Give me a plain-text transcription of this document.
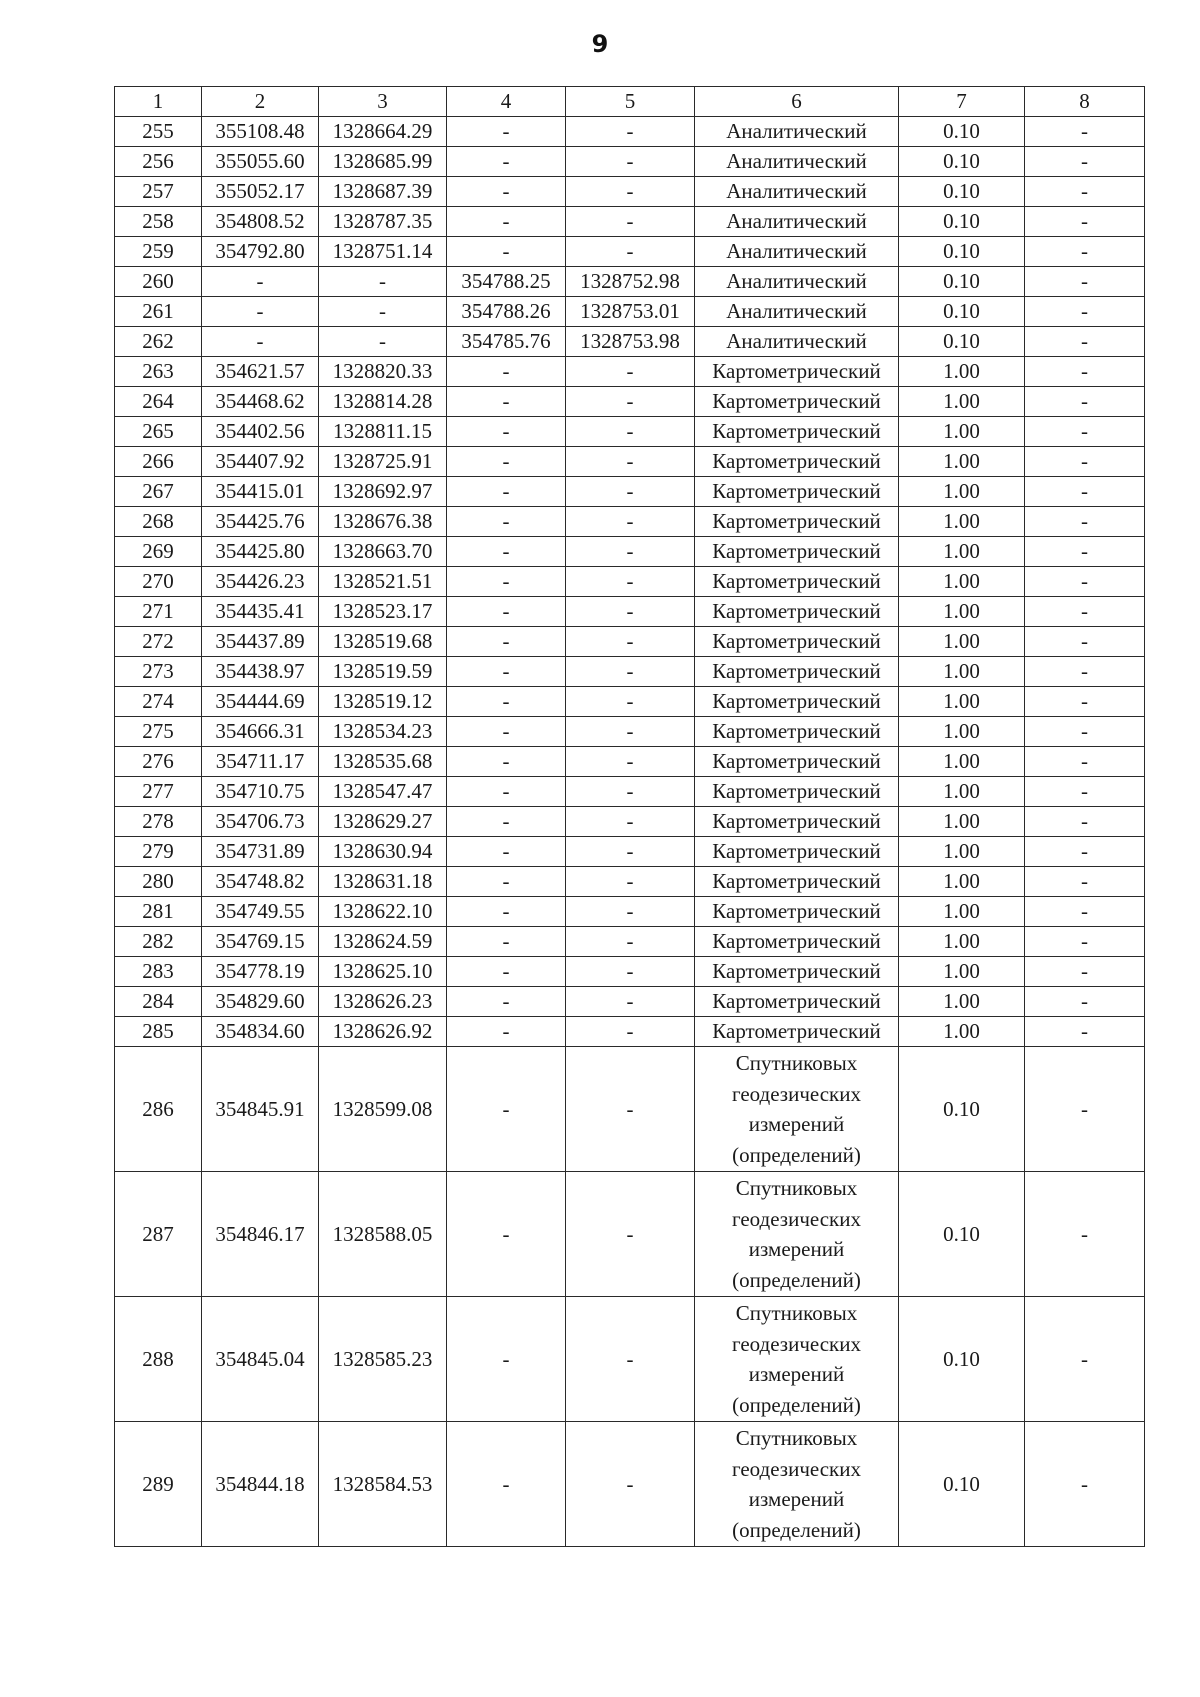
9
1	2	3	4	5	6	7	8
255	355108.48	1328664.29	-	-	Аналитический	0.10	-
256	355055.60	1328685.99	-	-	Аналитический	0.10	-
257	355052.17	1328687.39	-	-	Аналитический	0.10	-
258	354808.52	1328787.35	-	-	Аналитический	0.10	-
259	354792.80	1328751.14	-	-	Аналитический	0.10	-
260	-	-	354788.25	1328752.98	Аналитический	0.10	-
261	-	-	354788.26	1328753.01	Аналитический	0.10	-
262	-	-	354785.76	1328753.98	Аналитический	0.10	-
263	354621.57	1328820.33	-	-	Картометрический	1.00	-
264	354468.62	1328814.28	-	-	Картометрический	1.00	-
265	354402.56	1328811.15	-	-	Картометрический	1.00	-
266	354407.92	1328725.91	-	-	Картометрический	1.00	-
267	354415.01	1328692.97	-	-	Картометрический	1.00	-
268	354425.76	1328676.38	-	-	Картометрический	1.00	-
269	354425.80	1328663.70	-	-	Картометрический	1.00	-
270	354426.23	1328521.51	-	-	Картометрический	1.00	-
271	354435.41	1328523.17	-	-	Картометрический	1.00	-
272	354437.89	1328519.68	-	-	Картометрический	1.00	-
273	354438.97	1328519.59	-	-	Картометрический	1.00	-
274	354444.69	1328519.12	-	-	Картометрический	1.00	-
275	354666.31	1328534.23	-	-	Картометрический	1.00	-
276	354711.17	1328535.68	-	-	Картометрический	1.00	-
277	354710.75	1328547.47	-	-	Картометрический	1.00	-
278	354706.73	1328629.27	-	-	Картометрический	1.00	-
279	354731.89	1328630.94	-	-	Картометрический	1.00	-
280	354748.82	1328631.18	-	-	Картометрический	1.00	-
281	354749.55	1328622.10	-	-	Картометрический	1.00	-
282	354769.15	1328624.59	-	-	Картометрический	1.00	-
283	354778.19	1328625.10	-	-	Картометрический	1.00	-
284	354829.60	1328626.23	-	-	Картометрический	1.00	-
285	354834.60	1328626.92	-	-	Картометрический	1.00	-
286	354845.91	1328599.08	-	-	Спутниковых
геодезических
измерений
(определений)	0.10	-
287	354846.17	1328588.05	-	-	Спутниковых
геодезических
измерений
(определений)	0.10	-
288	354845.04	1328585.23	-	-	Спутниковых
геодезических
измерений
(определений)	0.10	-
289	354844.18	1328584.53	-	-	Спутниковых
геодезических
измерений
(определений)	0.10	-
